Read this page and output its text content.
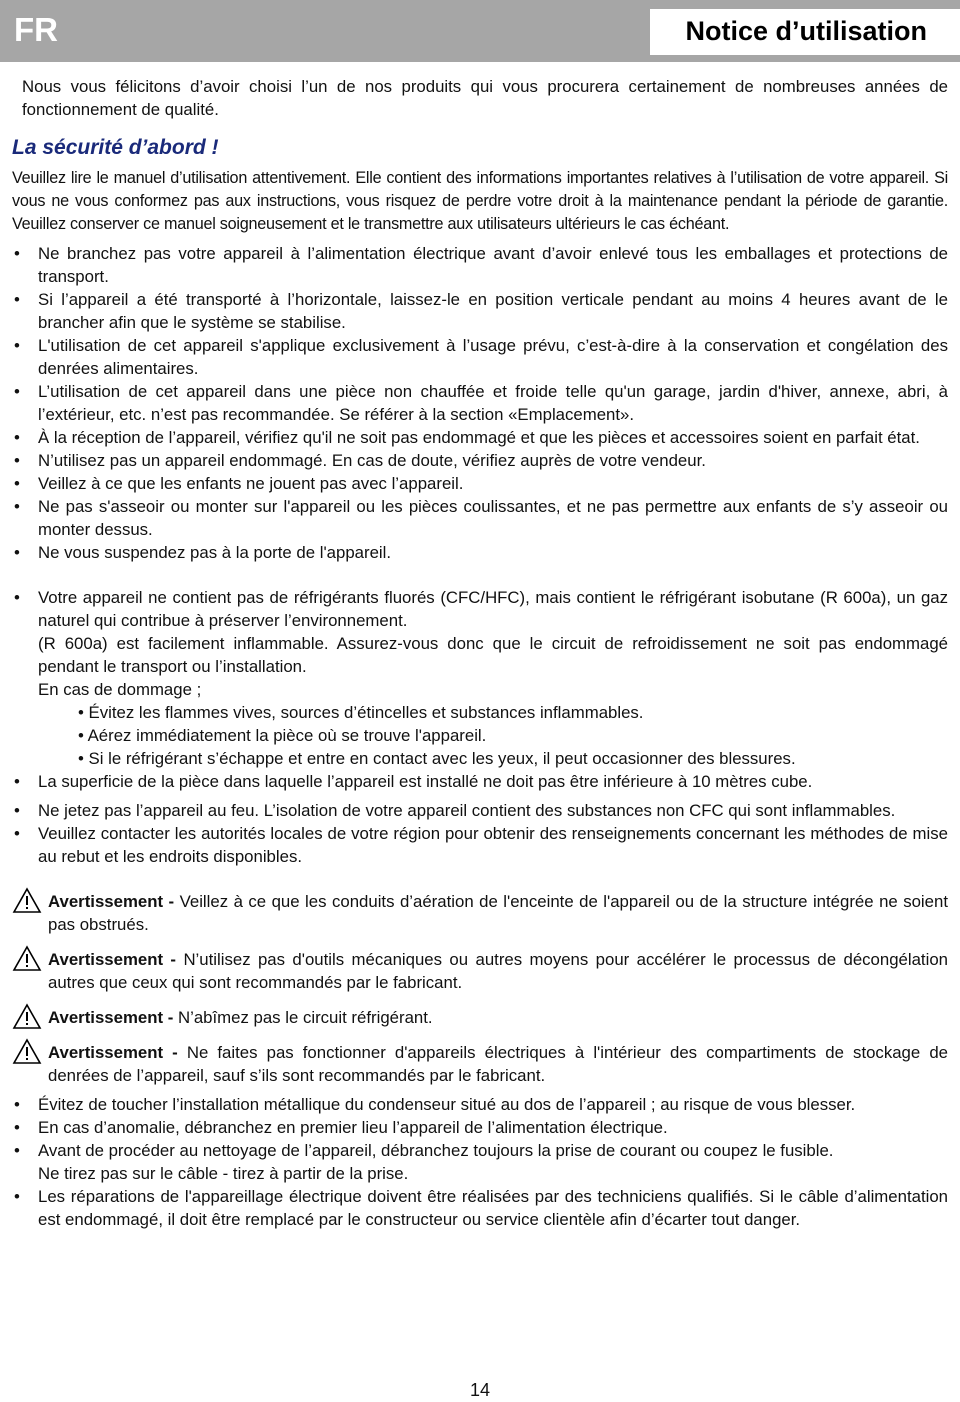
FR	Notice d’utilisation

Nous vous félicitons d’avoir choisi l’un de nos produits qui vous procurera certainement de nombreuses années de fonctionnement de qualité.

La sécurité d’abord !

Veuillez lire le manuel d’utilisation attentivement. Elle contient des informations importantes relatives à l’utilisation de votre appareil. Si vous ne vous conformez pas aux instructions, vous risquez de perdre votre droit à la maintenance pendant la période de garantie. Veuillez conserver ce manuel soigneusement et le transmettre aux utilisateurs ultérieurs le cas échéant.

• Ne branchez pas votre appareil à l’alimentation électrique avant d’avoir enlevé tous les emballages et protections de transport.
• Si l’appareil a été transporté à l’horizontale, laissez-le en position verticale pendant au moins 4 heures avant de le brancher afin que le système se stabilise.
• L'utilisation de cet appareil s'applique exclusivement à l’usage prévu, c’est-à-dire à la conservation et congélation des denrées alimentaires.
• L’utilisation de cet appareil dans une pièce non chauffée et froide telle qu'un garage, jardin d'hiver, annexe, abri, à l’extérieur, etc. n’est pas recommandée. Se référer à la section «Emplacement».
• À la réception de l’appareil, vérifiez qu'il ne soit pas endommagé et que les pièces et accessoires soient en parfait état.
• N’utilisez pas un appareil endommagé. En cas de doute, vérifiez auprès de votre vendeur.
• Veillez à ce que les enfants ne jouent pas avec l’appareil.
• Ne pas s'asseoir ou monter sur l'appareil ou les pièces coulissantes, et ne pas permettre aux enfants de s’y asseoir ou monter dessus.
• Ne vous suspendez pas à la porte de l'appareil.
• Votre appareil ne contient pas de réfrigérants fluorés (CFC/HFC), mais contient le réfrigérant isobutane (R 600a), un gaz naturel qui contribue à préserver l’environnement.
(R 600a) est facilement inflammable. Assurez-vous donc que le circuit de refroidissement ne soit pas endommagé pendant le transport ou l’installation.
En cas de dommage ;
• Évitez les flammes vives, sources d’étincelles et substances inflammables.
• Aérez immédiatement la pièce où se trouve l'appareil.
• Si le réfrigérant s’échappe et entre en contact avec les yeux, il peut occasionner des blessures.
• La superficie de la pièce dans laquelle l’appareil est installé ne doit pas être inférieure à 10 mètres cube.
• Ne jetez pas l’appareil au feu. L’isolation de votre appareil contient des substances non CFC qui sont inflammables.
• Veuillez contacter les autorités locales de votre région pour obtenir des renseignements concernant les méthodes de mise au rebut et les endroits disponibles.
Avertissement - Veillez à ce que les conduits d’aération de l'enceinte de l'appareil ou de la structure intégrée ne soient pas obstrués.
Avertissement - N’utilisez pas d'outils mécaniques ou autres moyens pour accélérer le processus de décongélation autres que ceux qui sont recommandés par le fabricant.
Avertissement - N’abîmez pas le circuit réfrigérant.
Avertissement - Ne faites pas fonctionner d'appareils électriques à l'intérieur des compartiments de stockage de denrées de l’appareil, sauf s’ils sont recommandés par le fabricant.
• Évitez de toucher l’installation métallique du condenseur situé au dos de l’appareil ; au risque de vous blesser.
• En cas d’anomalie, débranchez en premier lieu l’appareil de l’alimentation électrique.
• Avant de procéder au nettoyage de l’appareil, débranchez toujours la prise de courant ou coupez le fusible.
Ne tirez pas sur le câble - tirez à partir de la prise.
• Les réparations de l'appareillage électrique doivent être réalisées par des techniciens qualifiés. Si le câble d’alimentation est endommagé, il doit être remplacé par le constructeur ou service clientèle afin d’écarter tout danger.
14
